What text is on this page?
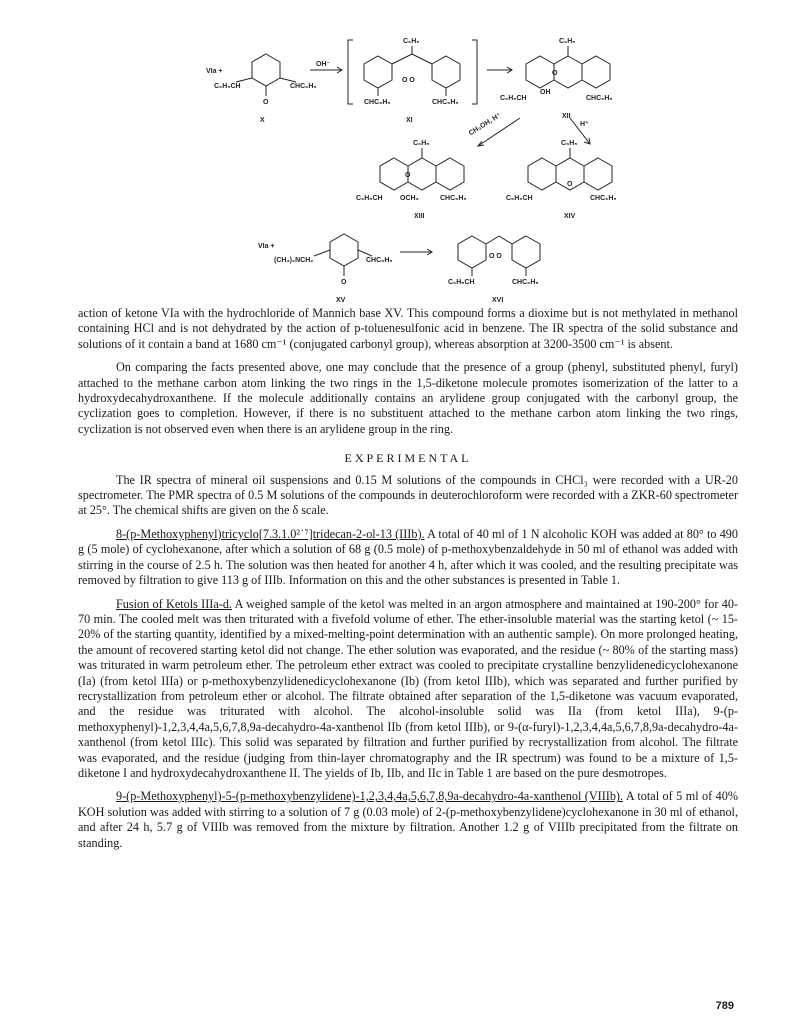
VIa +
C₆H₅CH	CHC₆H₅
O
OH⁻
X
C₆H₅
O O
CHC₆H₅	CHC₆H₅
XI
C₆H₅
O
OH
C₆H₅CH	CHC₆H₅
XII
CH₃OH, H⁺	H⁺
C₆H₅
O
C₆H₅CH OCH₃	CHC₆H₅
XIII
C₆H₅
O
C₆H₅CH	CHC₆H₅
XIV
VIa +
(CH₃)₂NCH₂	CHC₆H₅
O
XV
O O
C₆H₅CH	CHC₆H₅
XVI

action of ketone VIa with the hydrochloride of Mannich base XV. This compound forms a dioxime but is not methylated in methanol containing HCl and is not dehydrated by the action of p-toluenesulfonic acid in benzene. The IR spectra of the solid substance and solutions of it contain a band at 1680 cm⁻¹ (conjugated carbonyl group), whereas absorption at 3200-3500 cm⁻¹ is absent.

On comparing the facts presented above, one may conclude that the presence of a group (phenyl, substituted phenyl, furyl) attached to the methane carbon atom linking the two rings in the 1,5-diketone molecule promotes isomerization of the latter to a hydroxydecahydroxanthene. If the molecule additionally contains an arylidene group conjugated with the carbonyl group, the cyclization goes to completion. However, if there is no substituent attached to the methane carbon atom linking the two rings, cyclization is not observed even when there is an arylidene group in the ring.

EXPERIMENTAL

The IR spectra of mineral oil suspensions and 0.15 M solutions of the compounds in CHCl₃ were recorded with a UR-20 spectrometer. The PMR spectra of 0.5 M solutions of the compounds in deuterochloroform were recorded with a ZKR-60 spectrometer at 25°. The chemical shifts are given on the δ scale.

8-(p-Methoxyphenyl)tricyclo[7.3.1.0²˙⁷]tridecan-2-ol-13 (IIIb). A total of 40 ml of 1 N alcoholic KOH was added at 80° to 490 g (5 mole) of cyclohexanone, after which a solution of 68 g (0.5 mole) of p-methoxybenzaldehyde in 50 ml of ethanol was added with stirring in the course of 2.5 h. The solution was then heated for another 4 h, after which it was cooled, and the resulting precipitate was removed by filtration to give 113 g of IIIb. Information on this and the other substances is presented in Table 1.

Fusion of Ketols IIIa-d. A weighed sample of the ketol was melted in an argon atmosphere and maintained at 190-200° for 40-70 min. The cooled melt was then triturated with a fivefold volume of ether. The ether-insoluble material was the starting ketol (~ 15-20% of the starting quantity, identified by a mixed-melting-point determination with an authentic sample). On more prolonged heating, the amount of recovered starting ketol did not change. The ether solution was evaporated, and the residue (~ 80% of the starting mass) was triturated in warm petroleum ether. The petroleum ether extract was cooled to precipitate crystalline benzylidenedicyclohexanone (Ia) (from ketol IIIa) or p-methoxybenzylidenedicyclohexanone (Ib) (from ketol IIIb), which was separated and further purified by recrystallization from petroleum ether or alcohol. The filtrate obtained after separation of the 1,5-diketone was vacuum evaporated, and the residue was triturated with alcohol. The alcohol-insoluble solid was IIa (from ketol IIIa), 9-(p-methoxyphenyl)-1,2,3,4,4a,5,6,7,8,9a-decahydro-4a-xanthenol IIb (from ketol IIIb), or 9-(α-furyl)-1,2,3,4,4a,5,6,7,8,9a-decahydro-4a-xanthenol (from ketol IIIc). This solid was separated by filtration and further purified by recrystallization from alcohol. The filtrate was evaporated, and the residue (judging from thin-layer chromatography and the IR spectrum) was found to be a mixture of 1,5-diketone I and hydroxydecahydroxanthene II. The yields of Ib, IIb, and IIc in Table 1 are based on the pure desmotropes.

9-(p-Methoxyphenyl)-5-(p-methoxybenzylidene)-1,2,3,4,4a,5,6,7,8,9a-decahydro-4a-xanthenol (VIIIb). A total of 5 ml of 40% KOH solution was added with stirring to a solution of 7 g (0.03 mole) of 2-(p-methoxybenzylidene)cyclohexanone in 30 ml of ethanol, and after 24 h, 5.7 g of VIIIb was removed from the mixture by filtration. Another 1.2 g of VIIIb precipitated from the filtrate on standing.

789
